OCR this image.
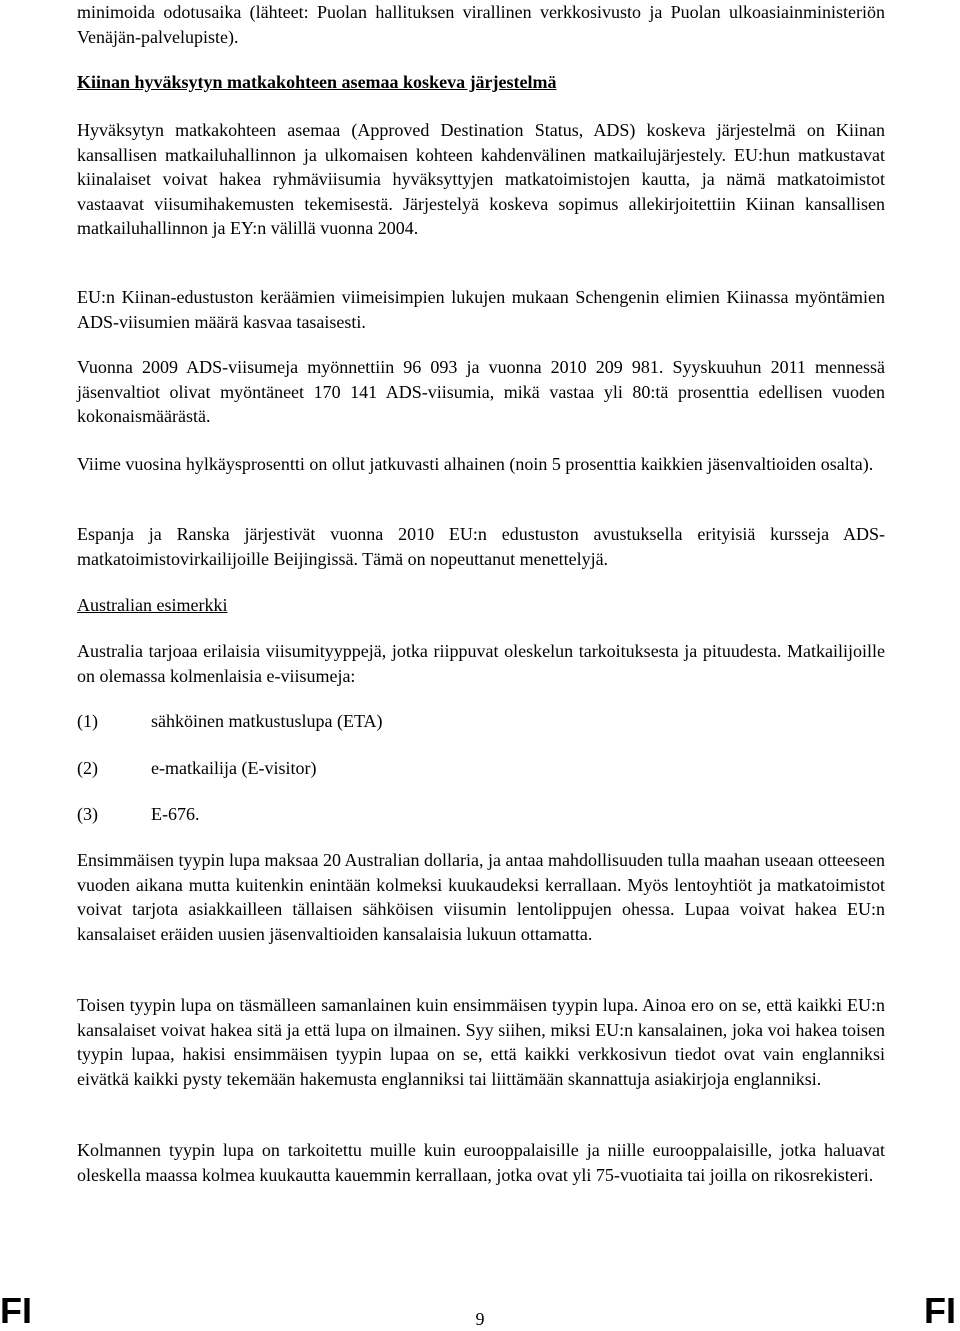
minimoida odotusaika (lähteet: Puolan hallituksen virallinen verkkosivusto ja Puolan ulkoasiainministeriön Venäjän-palvelupiste).

Kiinan hyväksytyn matkakohteen asemaa koskeva järjestelmä

Hyväksytyn matkakohteen asemaa (Approved Destination Status, ADS) koskeva järjestelmä on Kiinan kansallisen matkailuhallinnon ja ulkomaisen kohteen kahdenvälinen matkailujärjestely. EU:hun matkustavat kiinalaiset voivat hakea ryhmäviisumia hyväksyttyjen matkatoimistojen kautta, ja nämä matkatoimistot vastaavat viisumihakemusten tekemisestä. Järjestelyä koskeva sopimus allekirjoitettiin Kiinan kansallisen matkailuhallinnon ja EY:n välillä vuonna 2004.

EU:n Kiinan-edustuston keräämien viimeisimpien lukujen mukaan Schengenin elimien Kiinassa myöntämien ADS-viisumien määrä kasvaa tasaisesti.

Vuonna 2009 ADS-viisumeja myönnettiin 96 093 ja vuonna 2010 209 981. Syyskuuhun 2011 mennessä jäsenvaltiot olivat myöntäneet 170 141 ADS-viisumia, mikä vastaa yli 80:tä prosenttia edellisen vuoden kokonaismäärästä.

Viime vuosina hylkäysprosentti on ollut jatkuvasti alhainen (noin 5 prosenttia kaikkien jäsenvaltioiden osalta).

Espanja ja Ranska järjestivät vuonna 2010 EU:n edustuston avustuksella erityisiä kursseja ADS-matkatoimistovirkailijoille Beijingissä. Tämä on nopeuttanut menettelyjä.

Australian esimerkki

Australia tarjoaa erilaisia viisumityyppejä, jotka riippuvat oleskelun tarkoituksesta ja pituudesta. Matkailijoille on olemassa kolmenlaisia e-viisumeja:

(1)	sähköinen matkustuslupa (ETA)
(2)	e-matkailija (E-visitor)
(3)	E-676.

Ensimmäisen tyypin lupa maksaa 20 Australian dollaria, ja antaa mahdollisuuden tulla maahan useaan otteeseen vuoden aikana mutta kuitenkin enintään kolmeksi kuukaudeksi kerrallaan. Myös lentoyhtiöt ja matkatoimistot voivat tarjota asiakkailleen tällaisen sähköisen viisumin lentolippujen ohessa. Lupaa voivat hakea EU:n kansalaiset eräiden uusien jäsenvaltioiden kansalaisia lukuun ottamatta.

Toisen tyypin lupa on täsmälleen samanlainen kuin ensimmäisen tyypin lupa. Ainoa ero on se, että kaikki EU:n kansalaiset voivat hakea sitä ja että lupa on ilmainen. Syy siihen, miksi EU:n kansalainen, joka voi hakea toisen tyypin lupaa, hakisi ensimmäisen tyypin lupaa on se, että kaikki verkkosivun tiedot ovat vain englanniksi eivätkä kaikki pysty tekemään hakemusta englanniksi tai liittämään skannattuja asiakirjoja englanniksi.

Kolmannen tyypin lupa on tarkoitettu muille kuin eurooppalaisille ja niille eurooppalaisille, jotka haluavat oleskella maassa kolmea kuukautta kauemmin kerrallaan, jotka ovat yli 75-vuotiaita tai joilla on rikosrekisteri.

FI	9	FI
